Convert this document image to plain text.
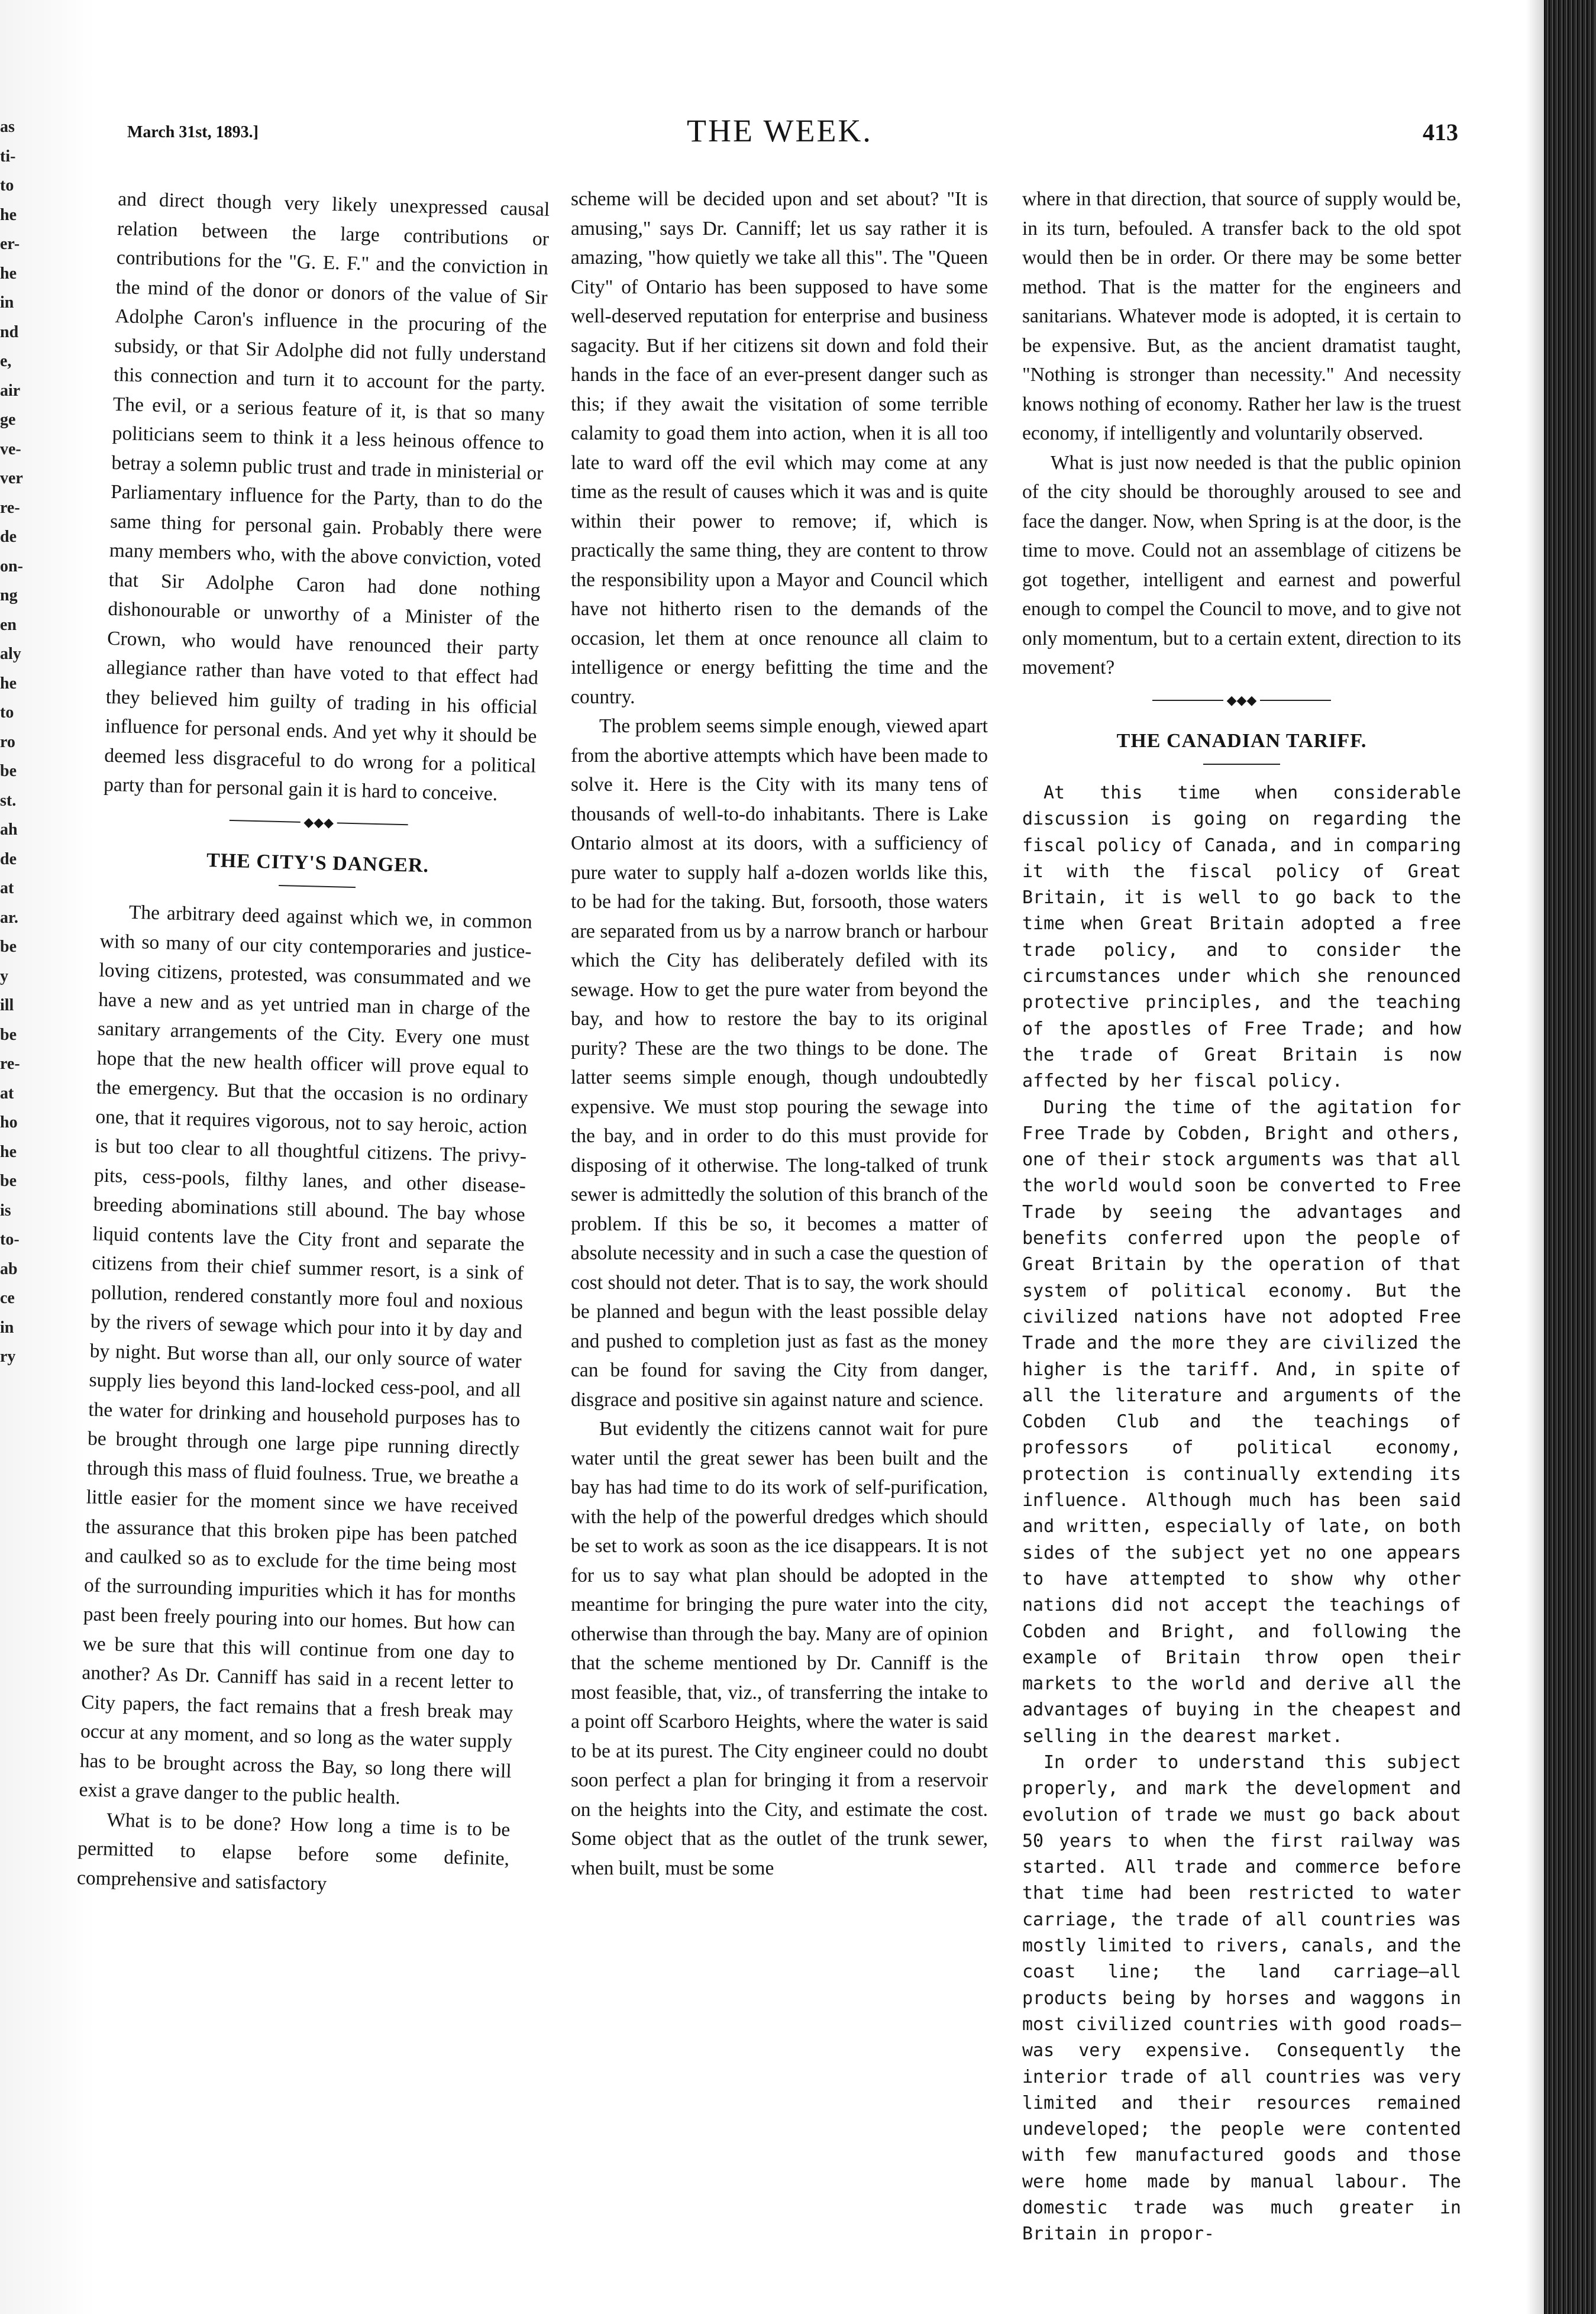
as
ti-
to
he
er-
he
in
nd
e,
air
ge
ve-
ver
re-
de
on-
ng
en
aly
he
to
ro
be
st.
ah
de
at
ar.
be
y
ill
be
re-
at
ho
he
be
is
to-
ab
ce
in
ry
March 31st, 1893.]	THE WEEK.	413

and direct though very likely unexpressed causal relation between the large contributions or contributions for the "G. E. F." and the conviction in the mind of the donor or donors of the value of Sir Adolphe Caron's influence in the procuring of the subsidy, or that Sir Adolphe did not fully understand this connection and turn it to account for the party. The evil, or a serious feature of it, is that so many politicians seem to think it a less heinous offence to betray a solemn public trust and trade in ministerial or Parliamentary influence for the Party, than to do the same thing for personal gain. Probably there were many members who, with the above conviction, voted that Sir Adolphe Caron had done nothing dishonourable or unworthy of a Minister of the Crown, who would have renounced their party allegiance rather than have voted to that effect had they believed him guilty of trading in his official influence for personal ends. And yet why it should be deemed less disgraceful to do wrong for a political party than for personal gain it is hard to conceive.

◆◆◆
THE CITY'S DANGER.

The arbitrary deed against which we, in common with so many of our city contemporaries and justice-loving citizens, protested, was consummated and we have a new and as yet untried man in charge of the sanitary arrangements of the City. Every one must hope that the new health officer will prove equal to the emergency. But that the occasion is no ordinary one, that it requires vigorous, not to say heroic, action is but too clear to all thoughtful citizens. The privy-pits, cess-pools, filthy lanes, and other disease-breeding abominations still abound. The bay whose liquid contents lave the City front and separate the citizens from their chief summer resort, is a sink of pollution, rendered constantly more foul and noxious by the rivers of sewage which pour into it by day and by night. But worse than all, our only source of water supply lies beyond this land-locked cess-pool, and all the water for drinking and household purposes has to be brought through one large pipe running directly through this mass of fluid foulness. True, we breathe a little easier for the moment since we have received the assurance that this broken pipe has been patched and caulked so as to exclude for the time being most of the surrounding impurities which it has for months past been freely pouring into our homes. But how can we be sure that this will continue from one day to another? As Dr. Canniff has said in a recent letter to City papers, the fact remains that a fresh break may occur at any moment, and so long as the water supply has to be brought across the Bay, so long there will exist a grave danger to the public health.

What is to be done? How long a time is to be permitted to elapse before some definite, comprehensive and satisfactory

scheme will be decided upon and set about? "It is amusing," says Dr. Canniff; let us say rather it is amazing, "how quietly we take all this". The "Queen City" of Ontario has been supposed to have some well-deserved reputation for enterprise and business sagacity. But if her citizens sit down and fold their hands in the face of an ever-present danger such as this; if they await the visitation of some terrible calamity to goad them into action, when it is all too late to ward off the evil which may come at any time as the result of causes which it was and is quite within their power to remove; if, which is practically the same thing, they are content to throw the responsibility upon a Mayor and Council which have not hitherto risen to the demands of the occasion, let them at once renounce all claim to intelligence or energy befitting the time and the country.

The problem seems simple enough, viewed apart from the abortive attempts which have been made to solve it. Here is the City with its many tens of thousands of well-to-do inhabitants. There is Lake Ontario almost at its doors, with a sufficiency of pure water to supply half a-dozen worlds like this, to be had for the taking. But, forsooth, those waters are separated from us by a narrow branch or harbour which the City has deliberately defiled with its sewage. How to get the pure water from beyond the bay, and how to restore the bay to its original purity? These are the two things to be done. The latter seems simple enough, though undoubtedly expensive. We must stop pouring the sewage into the bay, and in order to do this must provide for disposing of it otherwise. The long-talked of trunk sewer is admittedly the solution of this branch of the problem. If this be so, it becomes a matter of absolute necessity and in such a case the question of cost should not deter. That is to say, the work should be planned and begun with the least possible delay and pushed to completion just as fast as the money can be found for saving the City from danger, disgrace and positive sin against nature and science.

But evidently the citizens cannot wait for pure water until the great sewer has been built and the bay has had time to do its work of self-purification, with the help of the powerful dredges which should be set to work as soon as the ice disappears. It is not for us to say what plan should be adopted in the meantime for bringing the pure water into the city, otherwise than through the bay. Many are of opinion that the scheme mentioned by Dr. Canniff is the most feasible, that, viz., of transferring the intake to a point off Scarboro Heights, where the water is said to be at its purest. The City engineer could no doubt soon perfect a plan for bringing it from a reservoir on the heights into the City, and estimate the cost. Some object that as the outlet of the trunk sewer, when built, must be some

where in that direction, that source of supply would be, in its turn, befouled. A transfer back to the old spot would then be in order. Or there may be some better method. That is the matter for the engineers and sanitarians. Whatever mode is adopted, it is certain to be expensive. But, as the ancient dramatist taught, "Nothing is stronger than necessity." And necessity knows nothing of economy. Rather her law is the truest economy, if intelligently and voluntarily observed.

What is just now needed is that the public opinion of the city should be thoroughly aroused to see and face the danger. Now, when Spring is at the door, is the time to move. Could not an assemblage of citizens be got together, intelligent and earnest and powerful enough to compel the Council to move, and to give not only momentum, but to a certain extent, direction to its movement?

◆◆◆
THE CANADIAN TARIFF.

At this time when considerable discussion is going on regarding the fiscal policy of Canada, and in comparing it with the fiscal policy of Great Britain, it is well to go back to the time when Great Britain adopted a free trade policy, and to consider the circumstances under which she renounced protective principles, and the teaching of the apostles of Free Trade; and how the trade of Great Britain is now affected by her fiscal policy.

During the time of the agitation for Free Trade by Cobden, Bright and others, one of their stock arguments was that all the world would soon be converted to Free Trade by seeing the advantages and benefits conferred upon the people of Great Britain by the operation of that system of political economy. But the civilized nations have not adopted Free Trade and the more they are civilized the higher is the tariff. And, in spite of all the literature and arguments of the Cobden Club and the teachings of professors of political economy, protection is continually extending its influence. Although much has been said and written, especially of late, on both sides of the subject yet no one appears to have attempted to show why other nations did not accept the teachings of Cobden and Bright, and following the example of Britain throw open their markets to the world and derive all the advantages of buying in the cheapest and selling in the dearest market.

In order to understand this subject properly, and mark the development and evolution of trade we must go back about 50 years to when the first railway was started. All trade and commerce before that time had been restricted to water carriage, the trade of all countries was mostly limited to rivers, canals, and the coast line; the land carriage—all products being by horses and waggons in most civilized countries with good roads—was very expensive. Consequently the interior trade of all countries was very limited and their resources remained undeveloped; the people were contented with few manufactured goods and those were home made by manual labour. The domestic trade was much greater in Britain in propor-
